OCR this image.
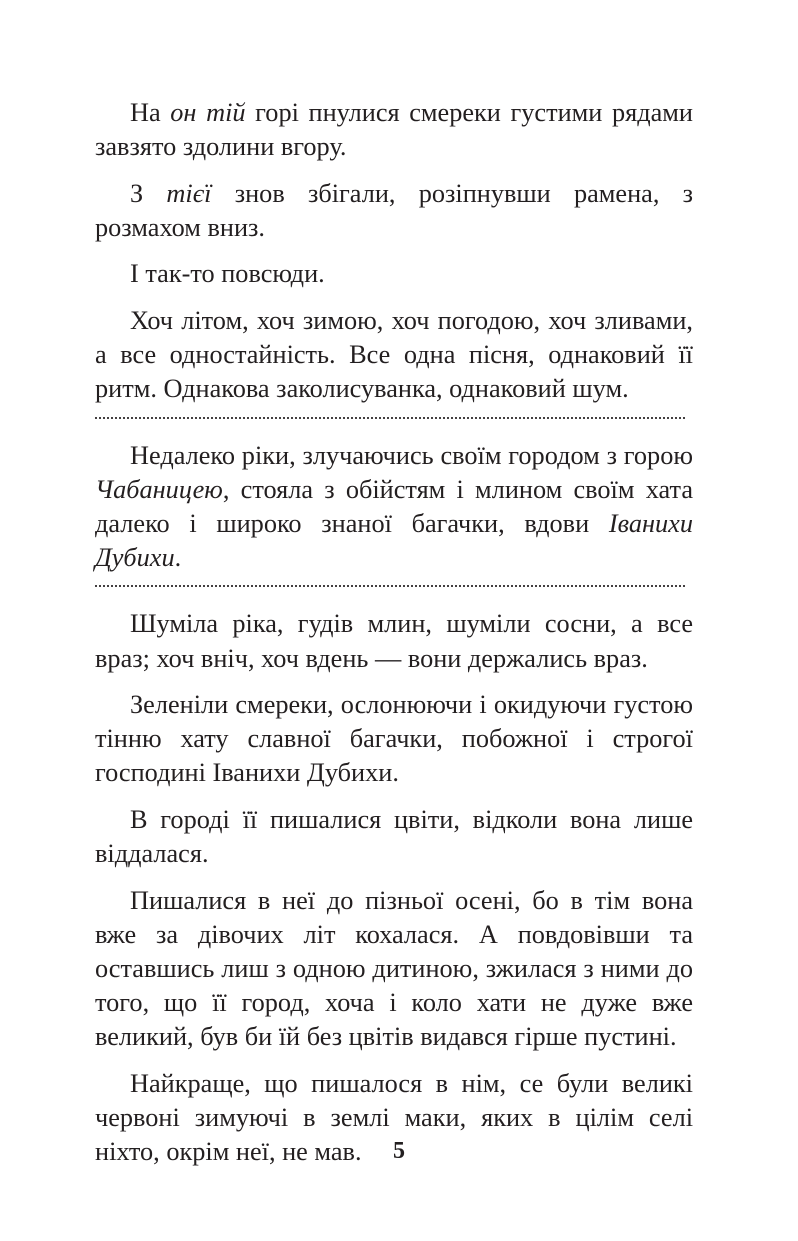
На он тій горі пнулися смереки густими рядами завзято здолини вгору.

З тієї знов збігали, розіпнувши рамена, з розмахом вниз.

І так-то повсюди.

Хоч літом, хоч зимою, хоч погодою, хоч зливами, а все одностайність. Все одна пісня, однаковий її ритм. Однакова заколисуванка, однаковий шум.

Недалеко ріки, злучаючись своїм городом з горою Чабаницею, стояла з обійстям і млином своїм хата далеко і широко знаної багачки, вдови Іванихи Дубихи.

Шуміла ріка, гудів млин, шуміли сосни, а все враз; хоч вніч, хоч вдень — вони держались враз.

Зеленіли смереки, ослонюючи і окидуючи густою тінню хату славної багачки, побожної і строгої господині Іванихи Дубихи.

В городі її пишалися цвіти, відколи вона лише віддалася.

Пишалися в неї до пізньої осені, бо в тім вона вже за дівочих літ кохалася. А повдовівши та оставшись лиш з одною дитиною, зжилася з ними до того, що її город, хоча і коло хати не дуже вже великий, був би їй без цвітів видався гірше пустині.

Найкраще, що пишалося в нім, се були великі червоні зимуючі в землі маки, яких в цілім селі ніхто, окрім неї, не мав.	5
